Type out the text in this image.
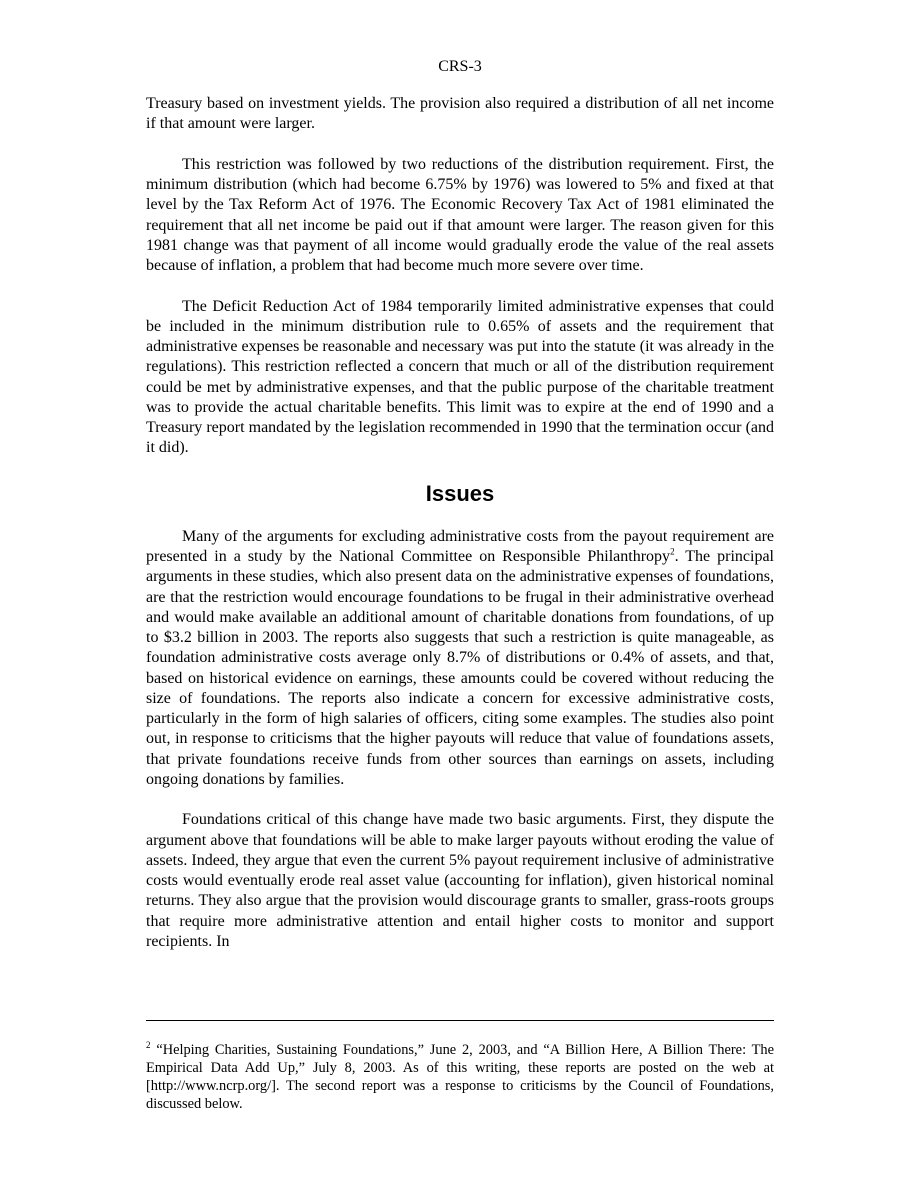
CRS-3

Treasury based on investment yields. The provision also required a distribution of all net income if that amount were larger.

This restriction was followed by two reductions of the distribution requirement. First, the minimum distribution (which had become 6.75% by 1976) was lowered to 5% and fixed at that level by the Tax Reform Act of 1976. The Economic Recovery Tax Act of 1981 eliminated the requirement that all net income be paid out if that amount were larger. The reason given for this 1981 change was that payment of all income would gradually erode the value of the real assets because of inflation, a problem that had become much more severe over time.

The Deficit Reduction Act of 1984 temporarily limited administrative expenses that could be included in the minimum distribution rule to 0.65% of assets and the requirement that administrative expenses be reasonable and necessary was put into the statute (it was already in the regulations). This restriction reflected a concern that much or all of the distribution requirement could be met by administrative expenses, and that the public purpose of the charitable treatment was to provide the actual charitable benefits. This limit was to expire at the end of 1990 and a Treasury report mandated by the legislation recommended in 1990 that the termination occur (and it did).

Issues

Many of the arguments for excluding administrative costs from the payout requirement are presented in a study by the National Committee on Responsible Philanthropy$^2$. The principal arguments in these studies, which also present data on the administrative expenses of foundations, are that the restriction would encourage foundations to be frugal in their administrative overhead and would make available an additional amount of charitable donations from foundations, of up to $3.2 billion in 2003. The reports also suggests that such a restriction is quite manageable, as foundation administrative costs average only 8.7% of distributions or 0.4% of assets, and that, based on historical evidence on earnings, these amounts could be covered without reducing the size of foundations. The reports also indicate a concern for excessive administrative costs, particularly in the form of high salaries of officers, citing some examples. The studies also point out, in response to criticisms that the higher payouts will reduce that value of foundations assets, that private foundations receive funds from other sources than earnings on assets, including ongoing donations by families.

Foundations critical of this change have made two basic arguments. First, they dispute the argument above that foundations will be able to make larger payouts without eroding the value of assets. Indeed, they argue that even the current 5% payout requirement inclusive of administrative costs would eventually erode real asset value (accounting for inflation), given historical nominal returns. They also argue that the provision would discourage grants to smaller, grass-roots groups that require more administrative attention and entail higher costs to monitor and support recipients. In

$^2$ “Helping Charities, Sustaining Foundations,” June 2, 2003, and “A Billion Here, A Billion There: The Empirical Data Add Up,” July 8, 2003. As of this writing, these reports are posted on the web at [http://www.ncrp.org/]. The second report was a response to criticisms by the Council of Foundations, discussed below.
